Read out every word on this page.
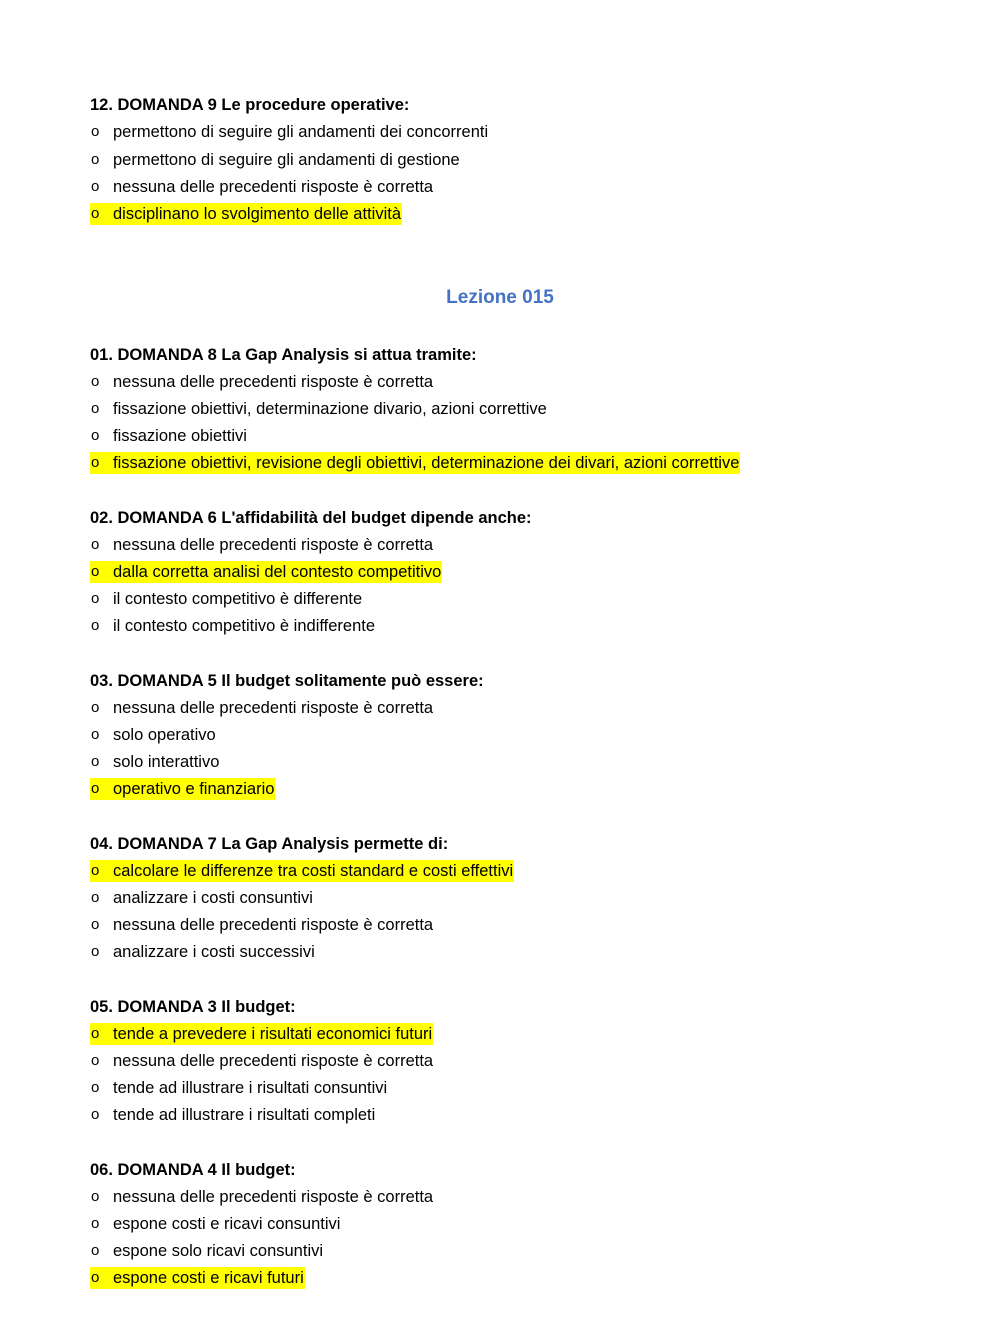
12. DOMANDA 9 Le procedure operative:
o permettono di seguire gli andamenti dei concorrenti
o permettono di seguire gli andamenti di gestione
o nessuna delle precedenti risposte è corretta
o disciplinano lo svolgimento delle attività
Lezione 015
01. DOMANDA 8 La Gap Analysis si attua tramite:
o nessuna delle precedenti risposte è corretta
o fissazione obiettivi, determinazione divario, azioni correttive
o fissazione obiettivi
o fissazione obiettivi, revisione degli obiettivi, determinazione dei divari, azioni correttive
02. DOMANDA 6 L'affidabilità del budget dipende anche:
o nessuna delle precedenti risposte è corretta
o dalla corretta analisi del contesto competitivo
o il contesto competitivo è differente
o il contesto competitivo è indifferente
03. DOMANDA 5 Il budget solitamente può essere:
o nessuna delle precedenti risposte è corretta
o solo operativo
o solo interattivo
o operativo e finanziario
04. DOMANDA 7 La Gap Analysis permette di:
o calcolare le differenze tra costi standard e costi effettivi
o analizzare i costi consuntivi
o nessuna delle precedenti risposte è corretta
o analizzare i costi successivi
05. DOMANDA 3 Il budget:
o tende a prevedere i risultati economici futuri
o nessuna delle precedenti risposte è corretta
o tende ad illustrare i risultati consuntivi
o tende ad illustrare i risultati completi
06. DOMANDA 4 Il budget:
o nessuna delle precedenti risposte è corretta
o espone costi e ricavi consuntivi
o espone solo ricavi consuntivi
o espone costi e ricavi futuri
